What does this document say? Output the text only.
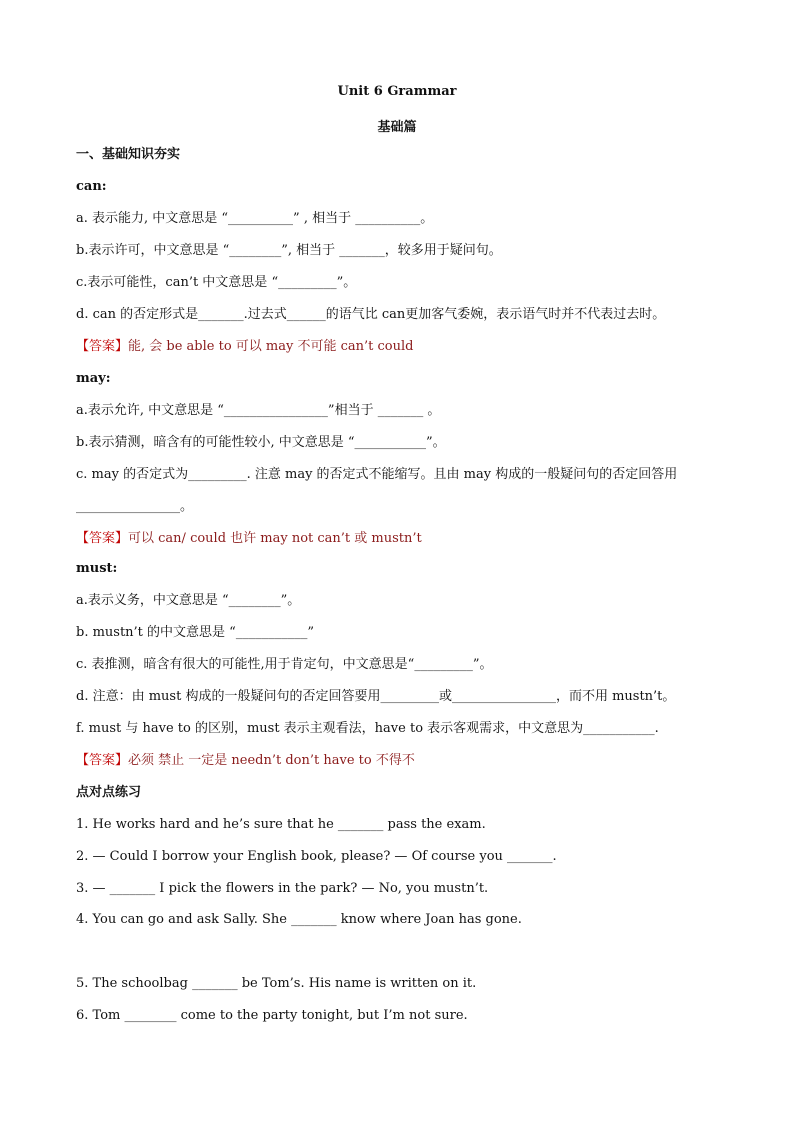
Unit 6 Grammar
基础篇
一、基础知识夯实
can:
a. 表示能力, 中文意思是 “__________” , 相当于 __________。
b.表示许可，中文意思是 “________”, 相当于 _______，较多用于疑问句。
c.表示可能性，can’t 中文意思是 “_________”。
d. can 的否定形式是_______.过去式______的语气比 can更加客气委婉，表示语气时并不代表过去时。
【答案】能, 会 be able to 可以 may 不可能 can’t could
may:
a.表示允许, 中文意思是 “________________”相当于 _______ 。
b.表示猜测，暗含有的可能性较小, 中文意思是 “___________”。
c. may 的否定式为_________. 注意 may 的否定式不能缩写。且由 may 构成的一般疑问句的否定回答用
________________。
【答案】可以 can/ could 也许 may not can’t 或 mustn’t
must:
a.表示义务，中文意思是 “________”。
b. mustn’t 的中文意思是 “___________”
c. 表推测，暗含有很大的可能性,用于肯定句，中文意思是“_________”。
d. 注意：由 must 构成的一般疑问句的否定回答要用_________或________________，而不用 mustn’t。
f. must 与 have to 的区别，must 表示主观看法，have to 表示客观需求，中文意思为___________.
【答案】必须 禁止 一定是 needn’t don’t have to 不得不
点对点练习
1. He works hard and he’s sure that he _______ pass the exam.
2. — Could I borrow your English book, please? — Of course you _______.
3. — _______ I pick the flowers in the park? — No, you mustn’t.
4. You can go and ask Sally. She _______ know where Joan has gone.
5. The schoolbag _______ be Tom’s. His name is written on it.
6. Tom ________ come to the party tonight, but I’m not sure.
